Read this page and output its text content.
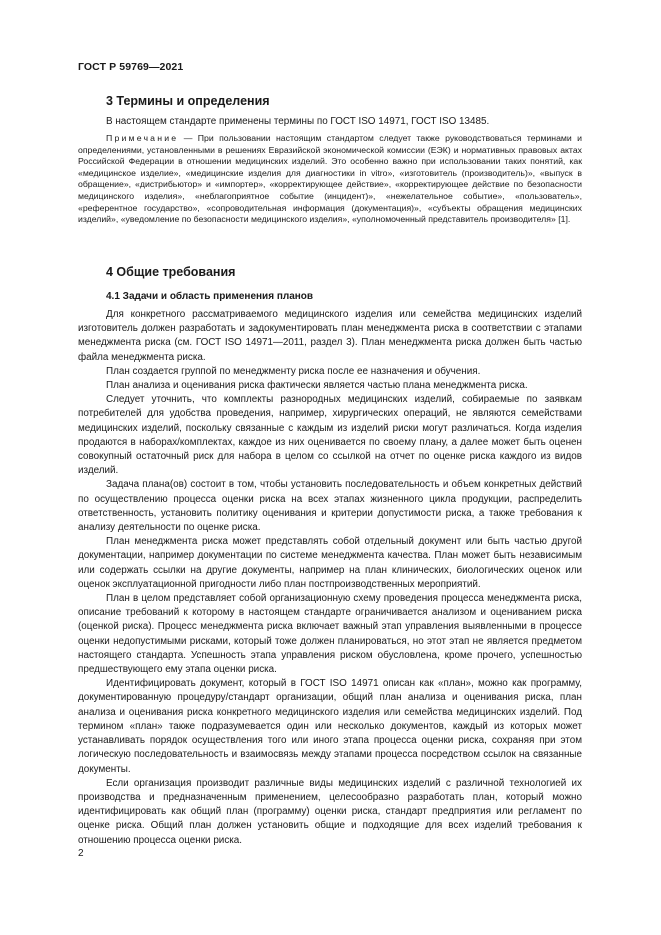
ГОСТ Р 59769—2021
3 Термины и определения

В настоящем стандарте применены термины по ГОСТ ISO 14971, ГОСТ ISO 13485.

Примечание — При пользовании настоящим стандартом следует также руководствоваться терминами и определениями, установленными в решениях Евразийской экономической комиссии (ЕЭК) и нормативных правовых актах Российской Федерации в отношении медицинских изделий. Это особенно важно при использовании таких понятий, как «медицинское изделие», «медицинские изделия для диагностики in vitro», «изготовитель (производитель)», «выпуск в обращение», «дистрибьютор» и «импортер», «корректирующее действие», «корректирующее действие по безопасности медицинского изделия», «неблагоприятное событие (инцидент)», «нежелательное событие», «пользователь», «референтное государство», «сопроводительная информация (документация)», «субъекты обращения медицинских изделий», «уведомление по безопасности медицинского изделия», «уполномоченный представитель производителя» [1].

4 Общие требования
4.1 Задачи и область применения планов

Для конкретного рассматриваемого медицинского изделия или семейства медицинских изделий изготовитель должен разработать и задокументировать план менеджмента риска в соответствии с этапами менеджмента риска (см. ГОСТ ISO 14971—2011, раздел 3). План менеджмента риска должен быть частью файла менеджмента риска.

План создается группой по менеджменту риска после ее назначения и обучения.

План анализа и оценивания риска фактически является частью плана менеджмента риска.

Следует уточнить, что комплекты разнородных медицинских изделий, собираемые по заявкам потребителей для удобства проведения, например, хирургических операций, не являются семействами медицинских изделий, поскольку связанные с каждым из изделий риски могут различаться. Когда изделия продаются в наборах/комплектах, каждое из них оценивается по своему плану, а далее может быть оценен совокупный остаточный риск для набора в целом со ссылкой на отчет по оценке риска каждого из видов изделий.

Задача плана(ов) состоит в том, чтобы установить последовательность и объем конкретных действий по осуществлению процесса оценки риска на всех этапах жизненного цикла продукции, распределить ответственность, установить политику оценивания и критерии допустимости риска, а также требования к анализу деятельности по оценке риска.

План менеджмента риска может представлять собой отдельный документ или быть частью другой документации, например документации по системе менеджмента качества. План может быть независимым или содержать ссылки на другие документы, например на план клинических, биологических оценок или оценок эксплуатационной пригодности либо план постпроизводственных мероприятий.

План в целом представляет собой организационную схему проведения процесса менеджмента риска, описание требований к которому в настоящем стандарте ограничивается анализом и оцениванием риска (оценкой риска). Процесс менеджмента риска включает важный этап управления выявленными в процессе оценки недопустимыми рисками, который тоже должен планироваться, но этот этап не является предметом настоящего стандарта. Успешность этапа управления риском обусловлена, кроме прочего, успешностью предшествующего ему этапа оценки риска.

Идентифицировать документ, который в ГОСТ ISO 14971 описан как «план», можно как программу, документированную процедуру/стандарт организации, общий план анализа и оценивания риска, план анализа и оценивания риска конкретного медицинского изделия или семейства медицинских изделий. Под термином «план» также подразумевается один или несколько документов, каждый из которых может устанавливать порядок осуществления того или иного этапа процесса оценки риска, сохраняя при этом логическую последовательность и взаимосвязь между этапами процесса посредством ссылок на связанные документы.

Если организация производит различные виды медицинских изделий с различной технологией их производства и предназначенным применением, целесообразно разработать план, который можно идентифицировать как общий план (программу) оценки риска, стандарт предприятия или регламент по оценке риска. Общий план должен установить общие и подходящие для всех изделий требования к отношению процесса оценки риска.

2
